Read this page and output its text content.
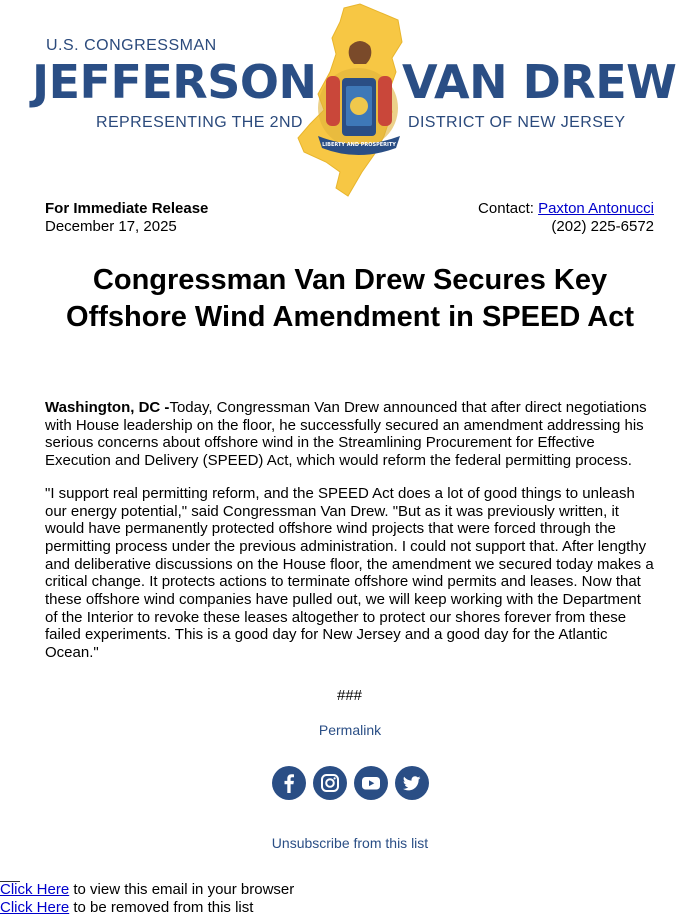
U.S. CONGRESSMAN
JEFFERSON VAN DREW
REPRESENTING THE 2ND	DISTRICT OF NEW JERSEY
LIBERTY AND PROSPERITY
For Immediate Release
December 17, 2025
Contact: Paxton Antonucci
(202) 225-6572
Congressman Van Drew Secures Key Offshore Wind Amendment in SPEED Act

Washington, DC -Today, Congressman Van Drew announced that after direct negotiations with House leadership on the floor, he successfully secured an amendment addressing his serious concerns about offshore wind in the Streamlining Procurement for Effective Execution and Delivery (SPEED) Act, which would reform the federal permitting process.

"I support real permitting reform, and the SPEED Act does a lot of good things to unleash our energy potential," said Congressman Van Drew. "But as it was previously written, it would have permanently protected offshore wind projects that were forced through the permitting process under the previous administration. I could not support that. After lengthy and deliberative discussions on the House floor, the amendment we secured today makes a critical change. It protects actions to terminate offshore wind permits and leases. Now that these offshore wind companies have pulled out, we will keep working with the Department of the Interior to revoke these leases altogether to protect our shores forever from these failed experiments. This is a good day for New Jersey and a good day for the Atlantic Ocean."

###
Permalink
Unsubscribe from this list
Click Here to view this email in your browser
Click Here to be removed from this list
